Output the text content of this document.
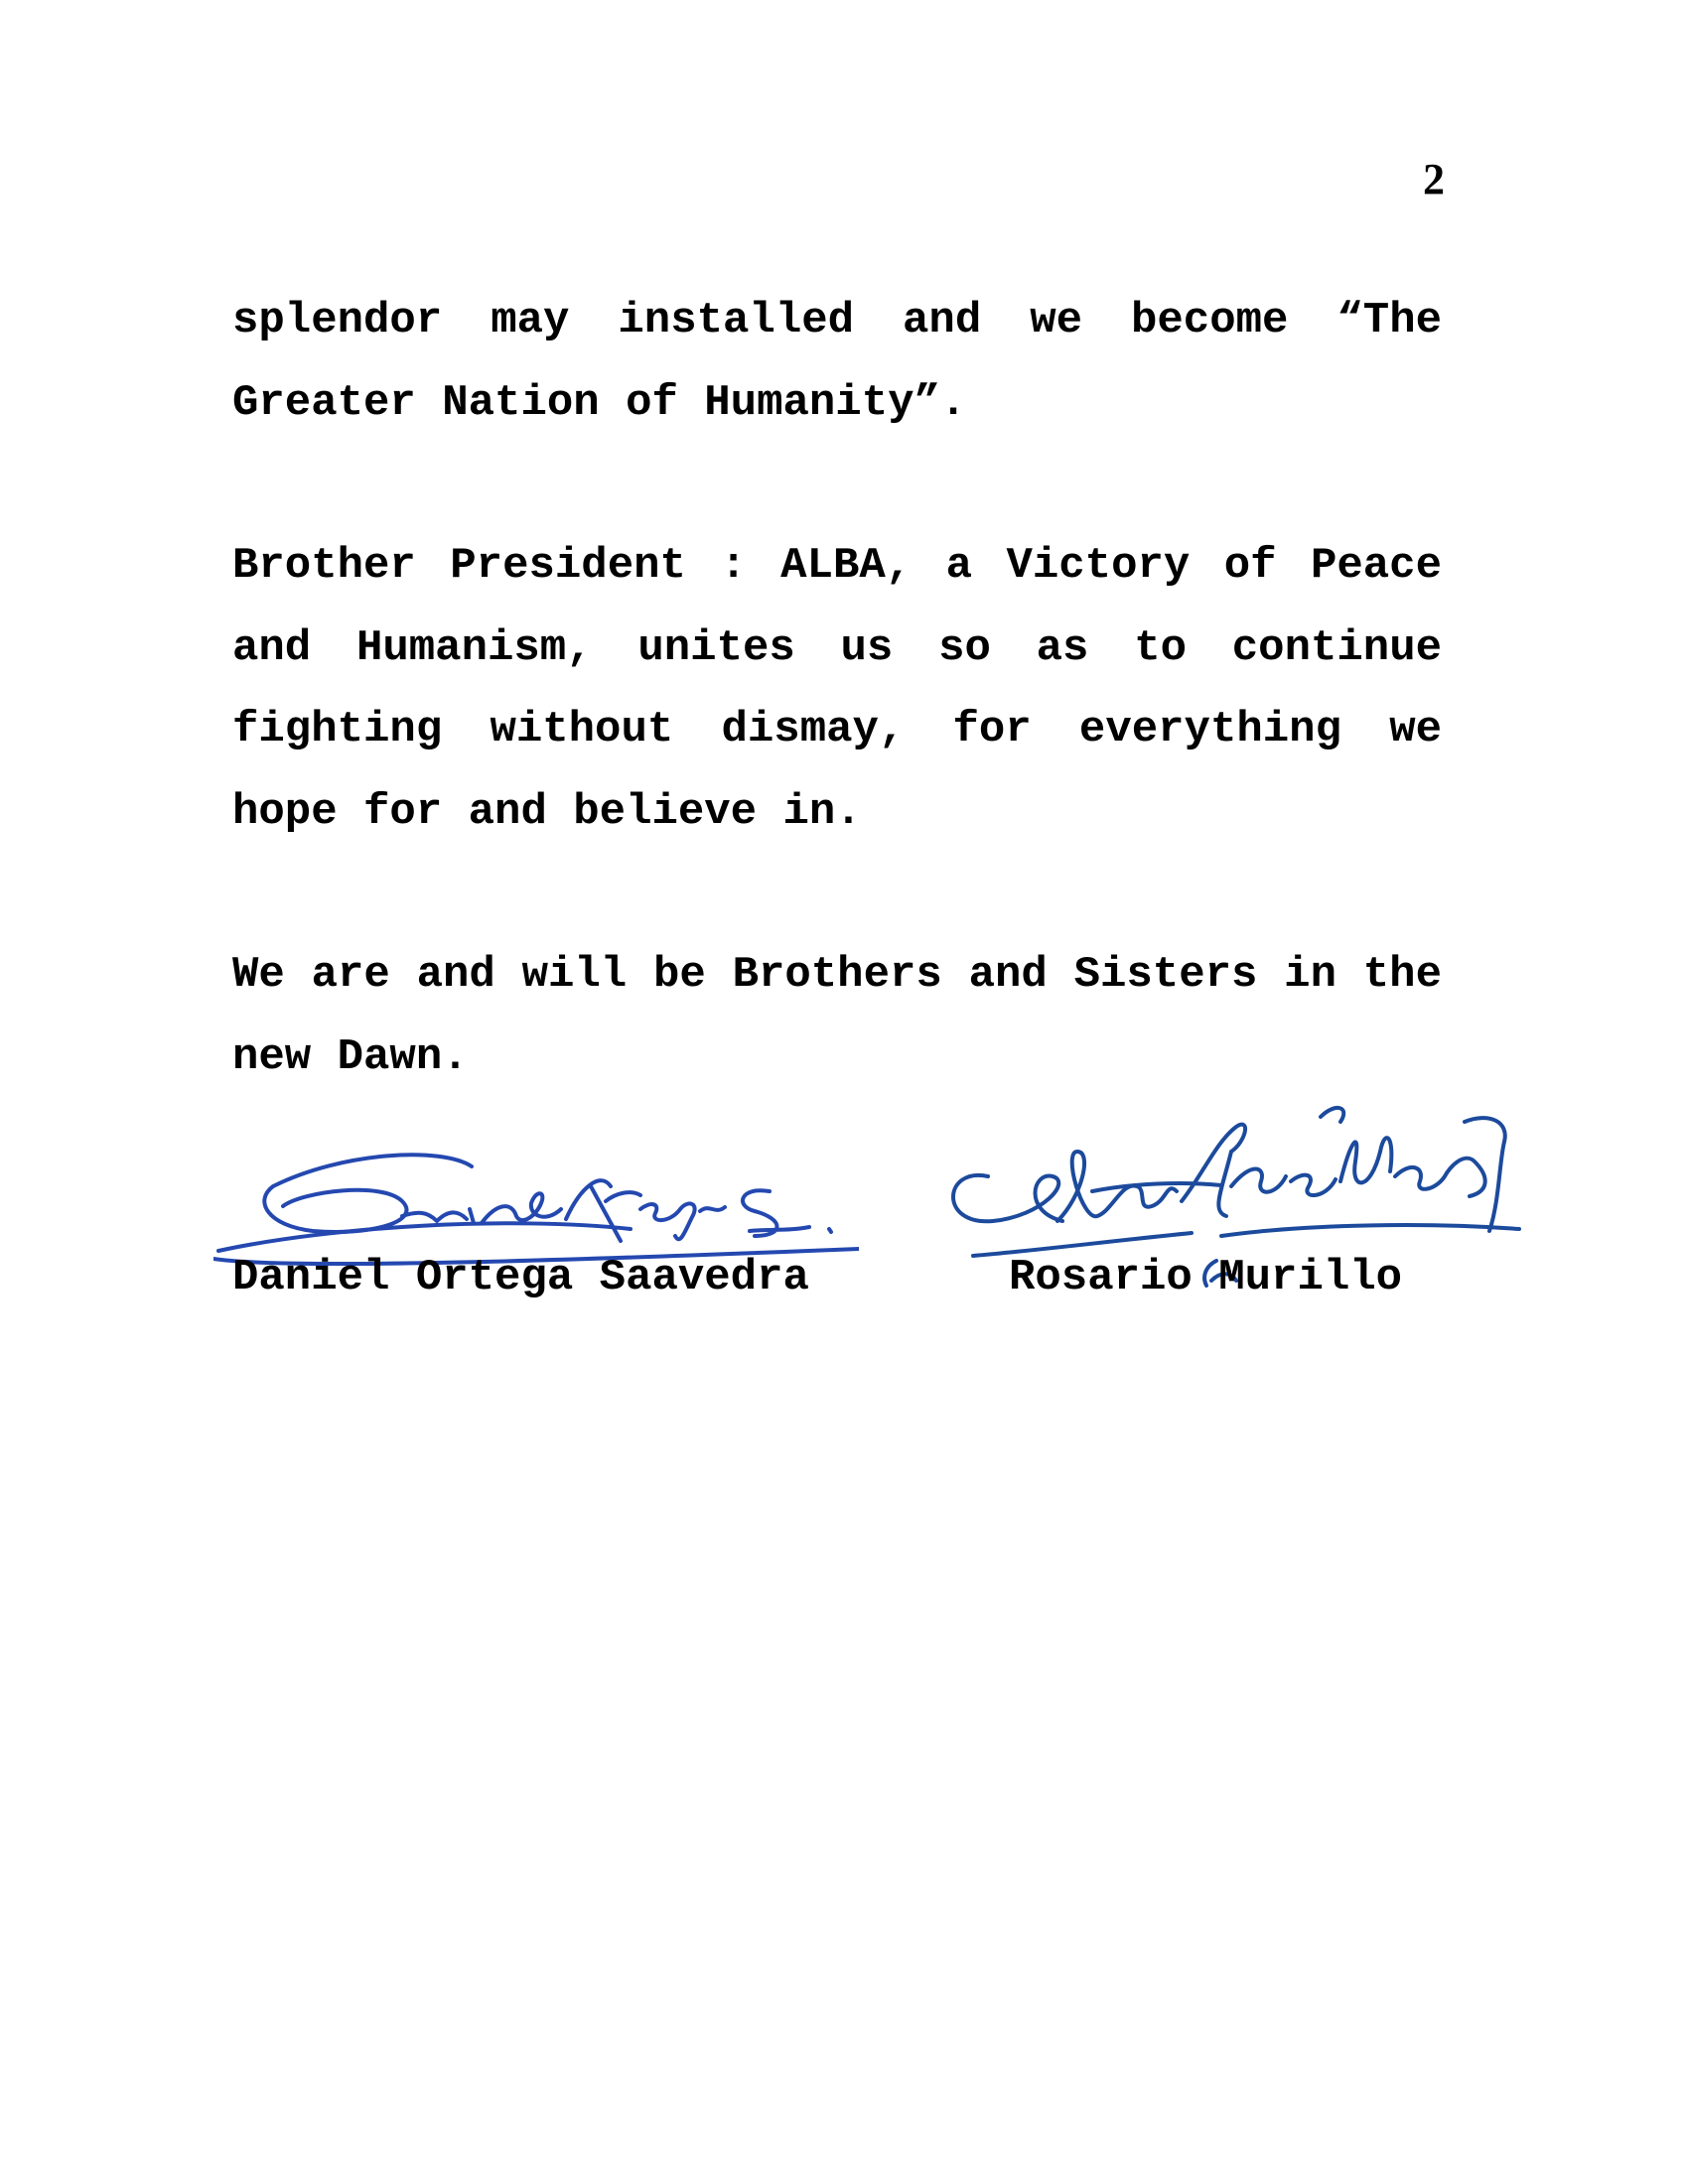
2

splendor may installed and we become “The Greater Nation of Humanity”.

Brother President : ALBA, a Victory of Peace and Humanism, unites us so as to continue fighting without dismay, for everything we hope for and believe in.

We are and will be Brothers and Sisters in the new Dawn.

Daniel Ortega Saavedra	Rosario Murillo
